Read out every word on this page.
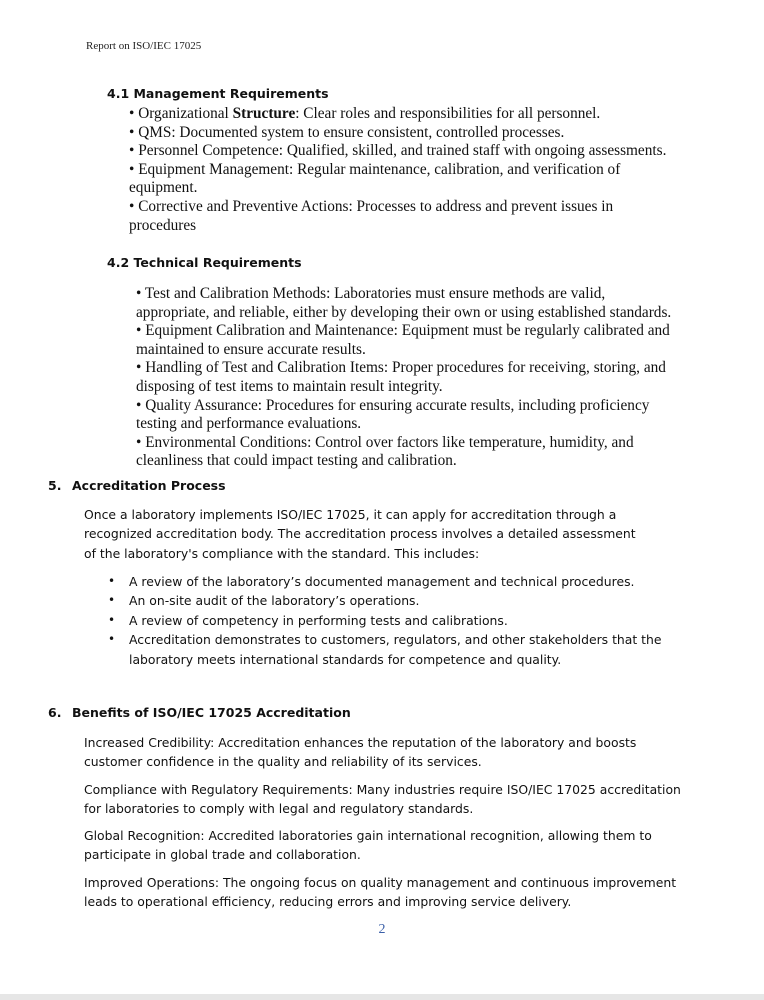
Report on ISO/IEC 17025
4.1 Management Requirements

• Organizational Structure: Clear roles and responsibilities for all personnel.

• QMS: Documented system to ensure consistent, controlled processes.

• Personnel Competence: Qualified, skilled, and trained staff with ongoing assessments.

• Equipment Management: Regular maintenance, calibration, and verification of equipment.

• Corrective and Preventive Actions: Processes to address and prevent issues in procedures

4.2 Technical Requirements

• Test and Calibration Methods: Laboratories must ensure methods are valid, appropriate, and reliable, either by developing their own or using established standards.

• Equipment Calibration and Maintenance: Equipment must be regularly calibrated and maintained to ensure accurate results.

• Handling of Test and Calibration Items: Proper procedures for receiving, storing, and disposing of test items to maintain result integrity.

• Quality Assurance: Procedures for ensuring accurate results, including proficiency testing and performance evaluations.

• Environmental Conditions: Control over factors like temperature, humidity, and cleanliness that could impact testing and calibration.

5. Accreditation Process

Once a laboratory implements ISO/IEC 17025, it can apply for accreditation through a recognized accreditation body. The accreditation process involves a detailed assessment of the laboratory's compliance with the standard. This includes:

• A review of the laboratory’s documented management and technical procedures.
• An on-site audit of the laboratory’s operations.
• A review of competency in performing tests and calibrations.
• Accreditation demonstrates to customers, regulators, and other stakeholders that the laboratory meets international standards for competence and quality.
6. Benefits of ISO/IEC 17025 Accreditation

Increased Credibility: Accreditation enhances the reputation of the laboratory and boosts customer confidence in the quality and reliability of its services.

Compliance with Regulatory Requirements: Many industries require ISO/IEC 17025 accreditation for laboratories to comply with legal and regulatory standards.

Global Recognition: Accredited laboratories gain international recognition, allowing them to participate in global trade and collaboration.

Improved Operations: The ongoing focus on quality management and continuous improvement leads to operational efficiency, reducing errors and improving service delivery.

2
